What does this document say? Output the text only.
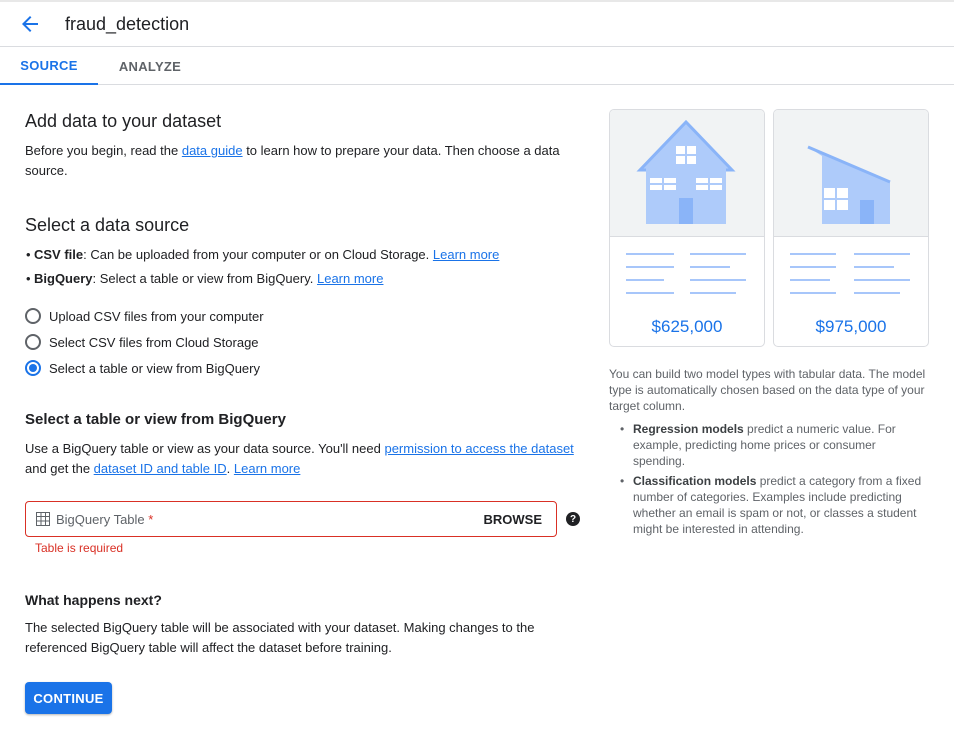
fraud_detection
SOURCE	ANALYZE
Add data to your dataset
Before you begin, read the data guide to learn how to prepare your data. Then choose a data source.
Select a data source
• CSV file: Can be uploaded from your computer or on Cloud Storage. Learn more
• BigQuery: Select a table or view from BigQuery. Learn more
Upload CSV files from your computer
Select CSV files from Cloud Storage
Select a table or view from BigQuery
Select a table or view from BigQuery
Use a BigQuery table or view as your data source. You'll need permission to access the dataset
and get the dataset ID and table ID. Learn more
BigQuery Table *	BROWSE	?
Table is required
What happens next?
The selected BigQuery table will be associated with your dataset. Making changes to the referenced BigQuery table will affect the dataset before training.
CONTINUE
$625,000	$975,000
You can build two model types with tabular data. The model type is automatically chosen based on the data type of your target column.
• Regression models predict a numeric value. For example, predicting home prices or consumer spending.
• Classification models predict a category from a fixed number of categories. Examples include predicting whether an email is spam or not, or classes a student might be interested in attending.
